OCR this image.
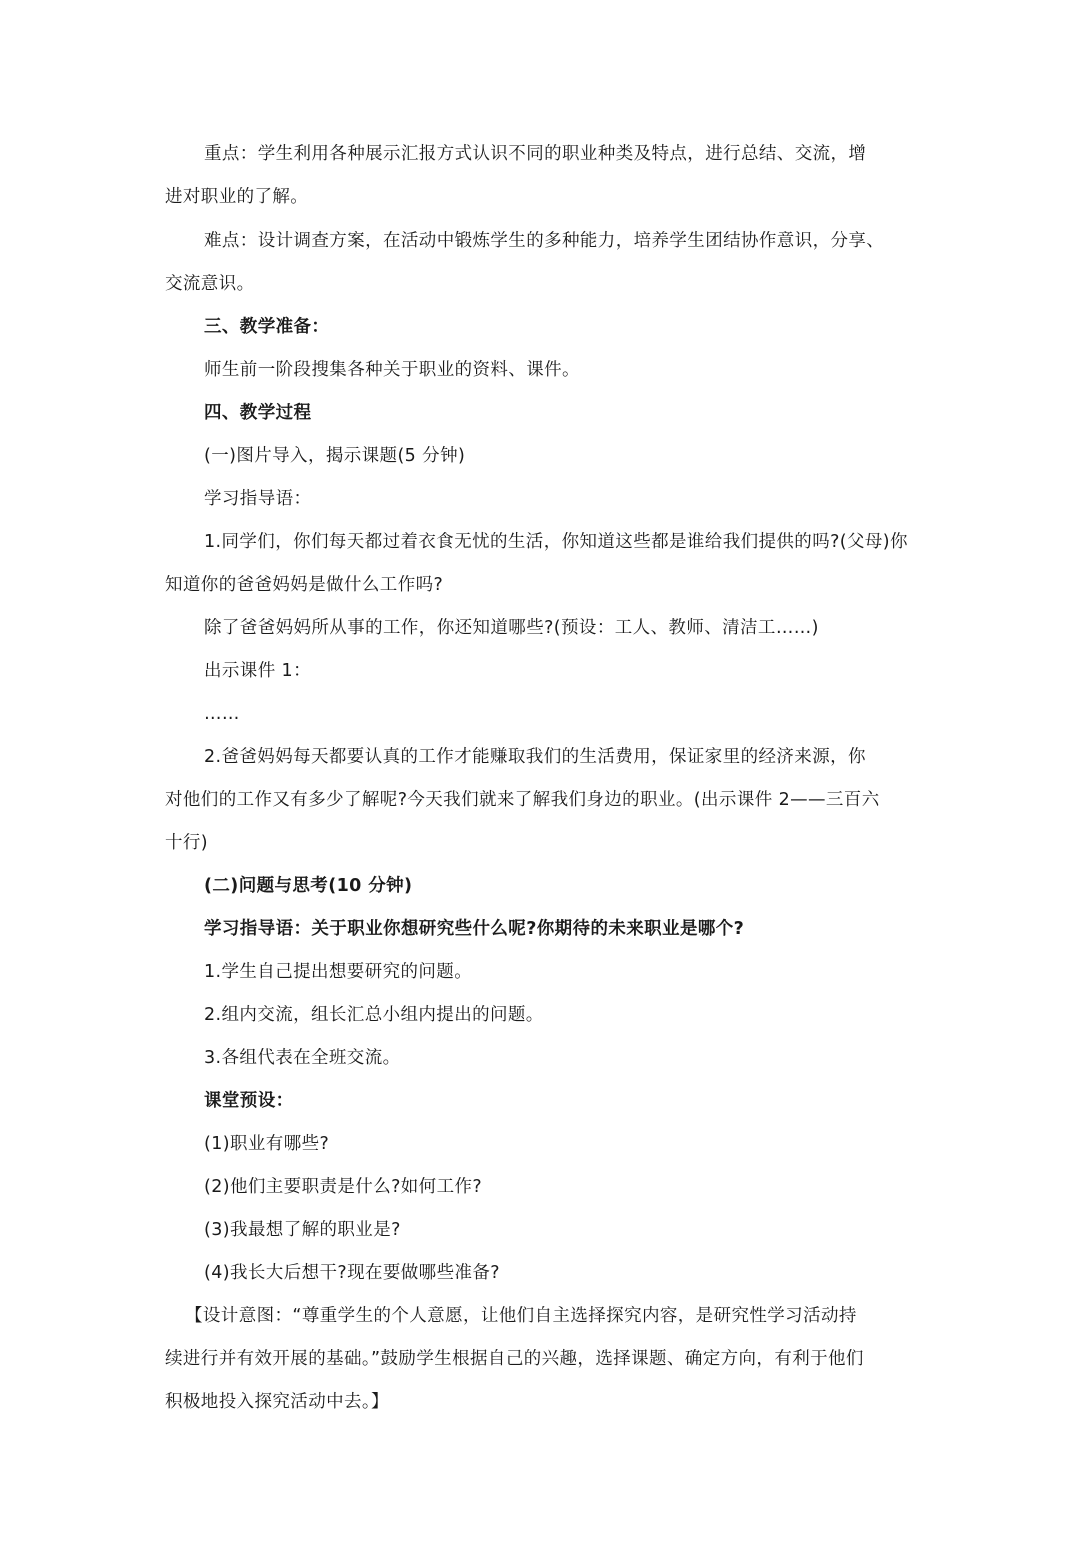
重点：学生利用各种展示汇报方式认识不同的职业种类及特点，进行总结、交流，增
进对职业的了解。
难点：设计调查方案，在活动中锻炼学生的多种能力，培养学生团结协作意识，分享、
交流意识。
三、教学准备：
师生前一阶段搜集各种关于职业的资料、课件。
四、教学过程
(一)图片导入，揭示课题(5 分钟)
学习指导语：
1.同学们，你们每天都过着衣食无忧的生活，你知道这些都是谁给我们提供的吗?(父母)你
知道你的爸爸妈妈是做什么工作吗?
除了爸爸妈妈所从事的工作，你还知道哪些?(预设：工人、教师、清洁工……)
出示课件 1：
……
2.爸爸妈妈每天都要认真的工作才能赚取我们的生活费用，保证家里的经济来源，你
对他们的工作又有多少了解呢?今天我们就来了解我们身边的职业。(出示课件 2——三百六
十行)
(二)问题与思考(10 分钟)
学习指导语：关于职业你想研究些什么呢?你期待的未来职业是哪个?
1.学生自己提出想要研究的问题。
2.组内交流，组长汇总小组内提出的问题。
3.各组代表在全班交流。
课堂预设：
(1)职业有哪些?
(2)他们主要职责是什么?如何工作?
(3)我最想了解的职业是?
(4)我长大后想干?现在要做哪些准备?
【设计意图：“尊重学生的个人意愿，让他们自主选择探究内容，是研究性学习活动持
续进行并有效开展的基础。”鼓励学生根据自己的兴趣，选择课题、确定方向，有利于他们
积极地投入探究活动中去。】
